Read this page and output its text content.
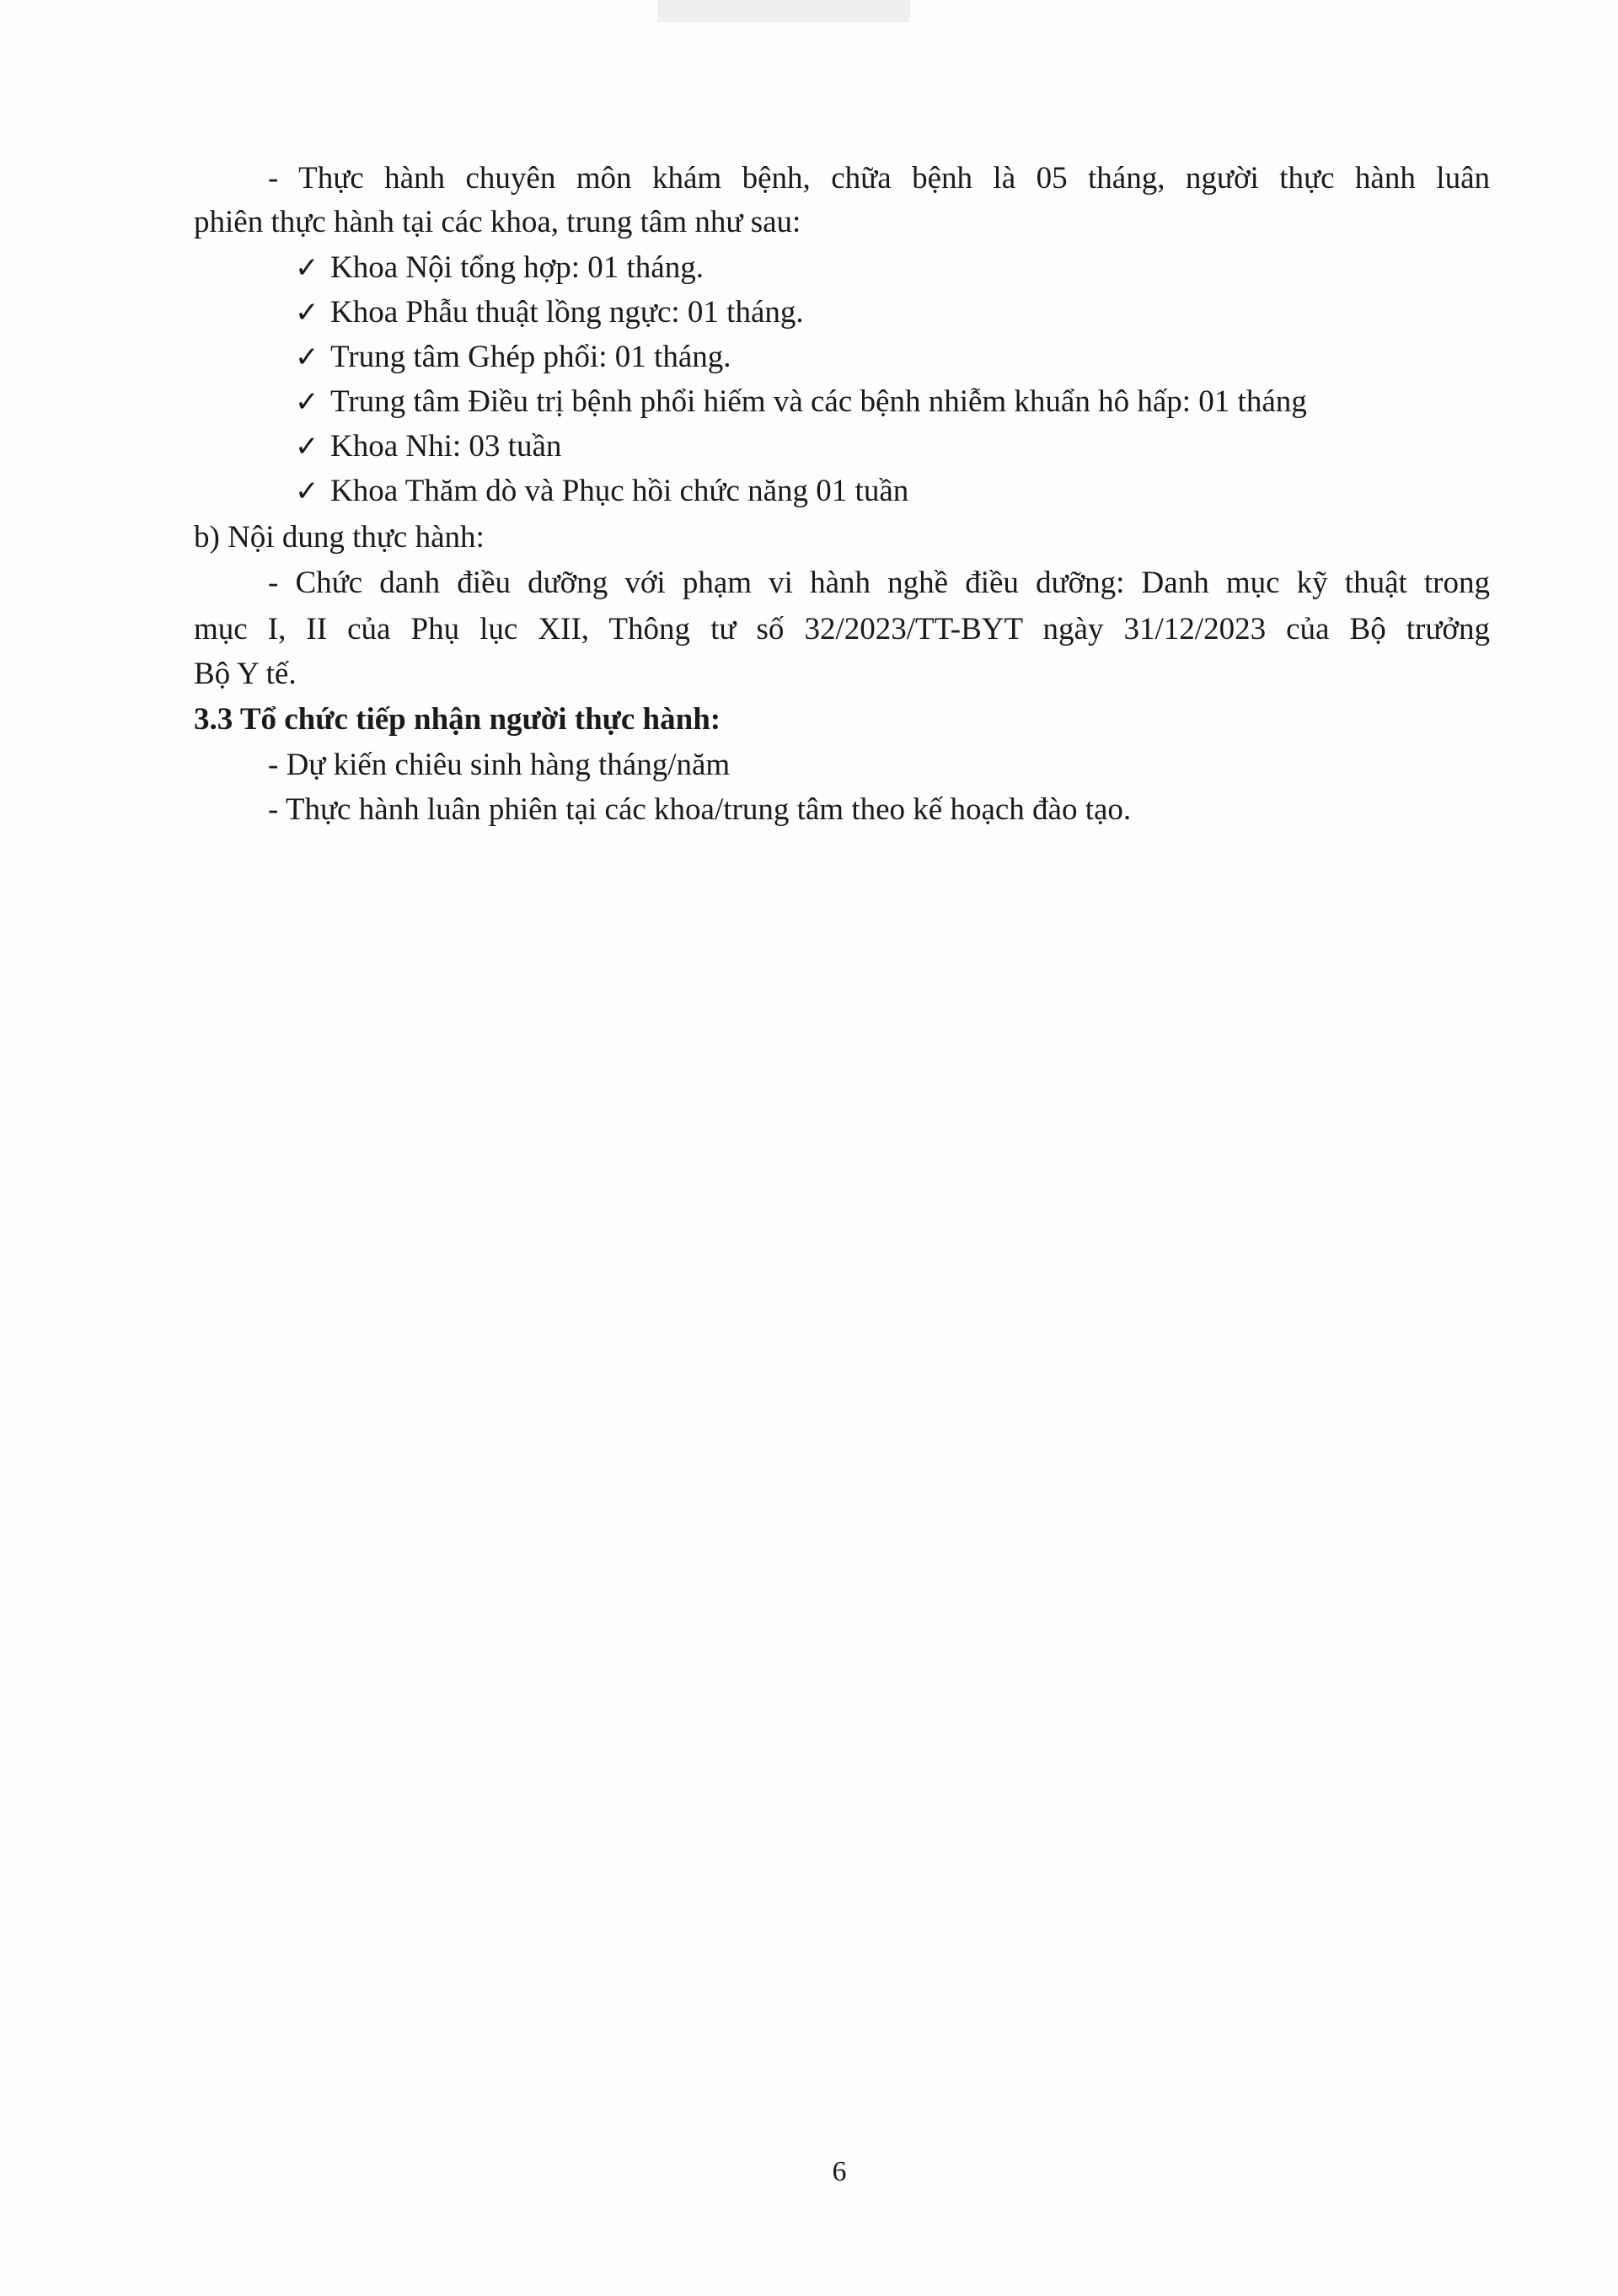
- Thực hành chuyên môn khám bệnh, chữa bệnh là 05 tháng, người thực hành luân
phiên thực hành tại các khoa, trung tâm như sau:
✓ Khoa Nội tổng hợp: 01 tháng.
✓ Khoa Phẫu thuật lồng ngực: 01 tháng.
✓ Trung tâm Ghép phổi: 01 tháng.
✓ Trung tâm Điều trị bệnh phổi hiếm và các bệnh nhiễm khuẩn hô hấp: 01 tháng
✓ Khoa Nhi: 03 tuần
✓ Khoa Thăm dò và Phục hồi chức năng 01 tuần
b) Nội dung thực hành:
- Chức danh điều dưỡng với phạm vi hành nghề điều dưỡng: Danh mục kỹ thuật trong
mục I, II của Phụ lục XII, Thông tư số 32/2023/TT-BYT ngày 31/12/2023 của Bộ trưởng
Bộ Y tế.
3.3 Tổ chức tiếp nhận người thực hành:
- Dự kiến chiêu sinh hàng tháng/năm
- Thực hành luân phiên tại các khoa/trung tâm theo kế hoạch đào tạo.
6
